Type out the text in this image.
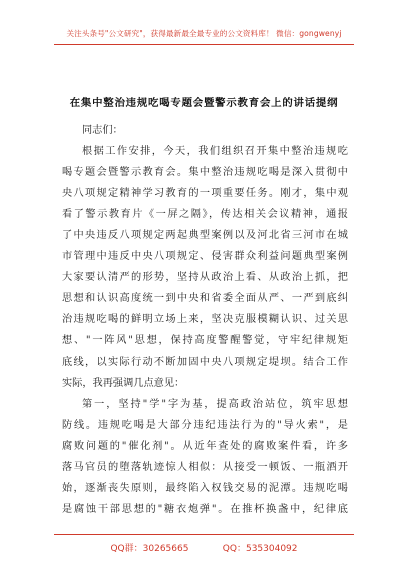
关注头条号"公文研究"，获得最新最全最专业的公文资料库！ 微信：gongwenyj
在集中整治违规吃喝专题会暨警示教育会上的讲话提纲
同志们：
根据工作安排，今天，我们组织召开集中整治违规吃
喝专题会暨警示教育会。集中整治违规吃喝是深入贯彻中
央八项规定精神学习教育的一项重要任务。刚才，集中观
看了警示教育片《一屏之隔》，传达相关会议精神，通报
了中央违反八项规定两起典型案例以及河北省三河市在城
市管理中违反中央八项规定、侵害群众利益问题典型案例
大家要认清严的形势，坚持从政治上看、从政治上抓，把
思想和认识高度统一到中央和省委全面从严、一严到底纠
治违规吃喝的鲜明立场上来，坚决克服模糊认识、过关思
想、"一阵风"思想，保持高度警醒警觉，守牢纪律规矩
底线，以实际行动不断加固中央八项规定堤坝。结合工作
实际，我再强调几点意见：
第一，坚持"学"字为基，提高政治站位，筑牢思想
防线。违规吃喝是大部分违纪违法行为的"导火索"，是
腐败问题的"催化剂"。从近年查处的腐败案件看，许多
落马官员的堕落轨迹惊人相似：从接受一顿饭、一瓶酒开
始，逐渐丧失原则，最终陷入权钱交易的泥潭。违规吃喝
是腐蚀干部思想的"糖衣炮弹"。在推杯换盏中，纪律底
QQ群：30265665	QQ：535304092
